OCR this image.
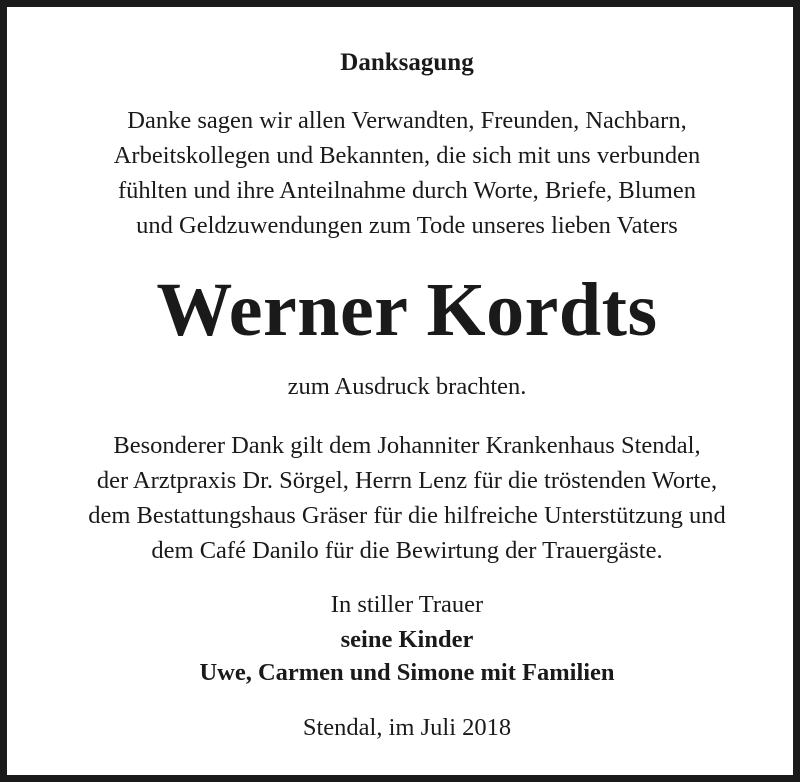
Danksagung

Danke sagen wir allen Verwandten, Freunden, Nachbarn,
Arbeitskollegen und Bekannten, die sich mit uns verbunden
fühlten und ihre Anteilnahme durch Worte, Briefe, Blumen
und Geldzuwendungen zum Tode unseres lieben Vaters

Werner Kordts

zum Ausdruck brachten.

Besonderer Dank gilt dem Johanniter Krankenhaus Stendal,
der Arztpraxis Dr. Sörgel, Herrn Lenz für die tröstenden Worte,
dem Bestattungshaus Gräser für die hilfreiche Unterstützung und
dem Café Danilo für die Bewirtung der Trauergäste.

In stiller Trauer

seine Kinder

Uwe, Carmen und Simone mit Familien

Stendal, im Juli 2018
